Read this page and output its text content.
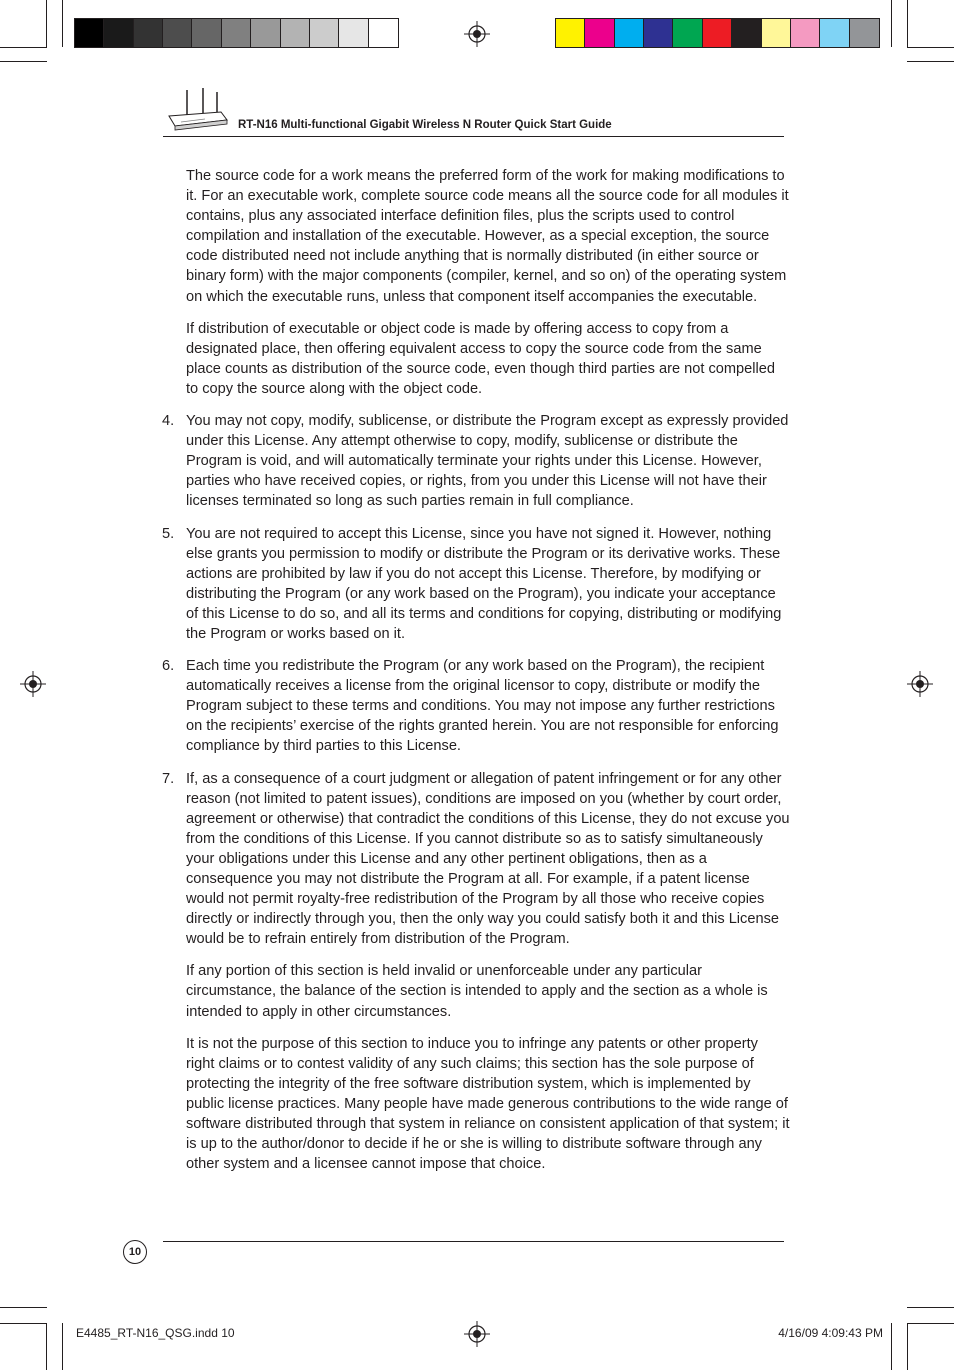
RT-N16 Multi-functional Gigabit Wireless N Router Quick Start Guide

The source code for a work means the preferred form of the work for making modifications to it. For an executable work, complete source code means all the source code for all modules it contains, plus any associated interface definition files, plus the scripts used to control compilation and installation of the executable. However, as a special exception, the source code distributed need not include anything that is normally distributed (in either source or binary form) with the major components (compiler, kernel, and so on) of the operating system on which the executable runs, unless that component itself accompanies the executable.

If distribution of executable or object code is made by offering access to copy from a designated place, then offering equivalent access to copy the source code from the same place counts as distribution of the source code, even though third parties are not compelled to copy the source along with the object code.

4. You may not copy, modify, sublicense, or distribute the Program except as expressly provided under this License. Any attempt otherwise to copy, modify, sublicense or distribute the Program is void, and will automatically terminate your rights under this License. However, parties who have received copies, or rights, from you under this License will not have their licenses terminated so long as such parties remain in full compliance.
5. You are not required to accept this License, since you have not signed it. However, nothing else grants you permission to modify or distribute the Program or its derivative works. These actions are prohibited by law if you do not accept this License. Therefore, by modifying or distributing the Program (or any work based on the Program), you indicate your acceptance of this License to do so, and all its terms and conditions for copying, distributing or modifying the Program or works based on it.
6. Each time you redistribute the Program (or any work based on the Program), the recipient automatically receives a license from the original licensor to copy, distribute or modify the Program subject to these terms and conditions. You may not impose any further restrictions on the recipients’ exercise of the rights granted herein. You are not responsible for enforcing compliance by third parties to this License.
7. If, as a consequence of a court judgment or allegation of patent infringement or for any other reason (not limited to patent issues), conditions are imposed on you (whether by court order, agreement or otherwise) that contradict the conditions of this License, they do not excuse you from the conditions of this License. If you cannot distribute so as to satisfy simultaneously your obligations under this License and any other pertinent obligations, then as a consequence you may not distribute the Program at all. For example, if a patent license would not permit royalty-free redistribution of the Program by all those who receive copies directly or indirectly through you, then the only way you could satisfy both it and this License would be to refrain entirely from distribution of the Program.

If any portion of this section is held invalid or unenforceable under any particular circumstance, the balance of the section is intended to apply and the section as a whole is intended to apply in other circumstances.

It is not the purpose of this section to induce you to infringe any patents or other property right claims or to contest validity of any such claims; this section has the sole purpose of protecting the integrity of the free software distribution system, which is implemented by public license practices. Many people have made generous contributions to the wide range of software distributed through that system in reliance on consistent application of that system; it is up to the author/donor to decide if he or she is willing to distribute software through any other system and a licensee cannot impose that choice.

10
E4485_RT-N16_QSG.indd 10	4/16/09 4:09:43 PM
